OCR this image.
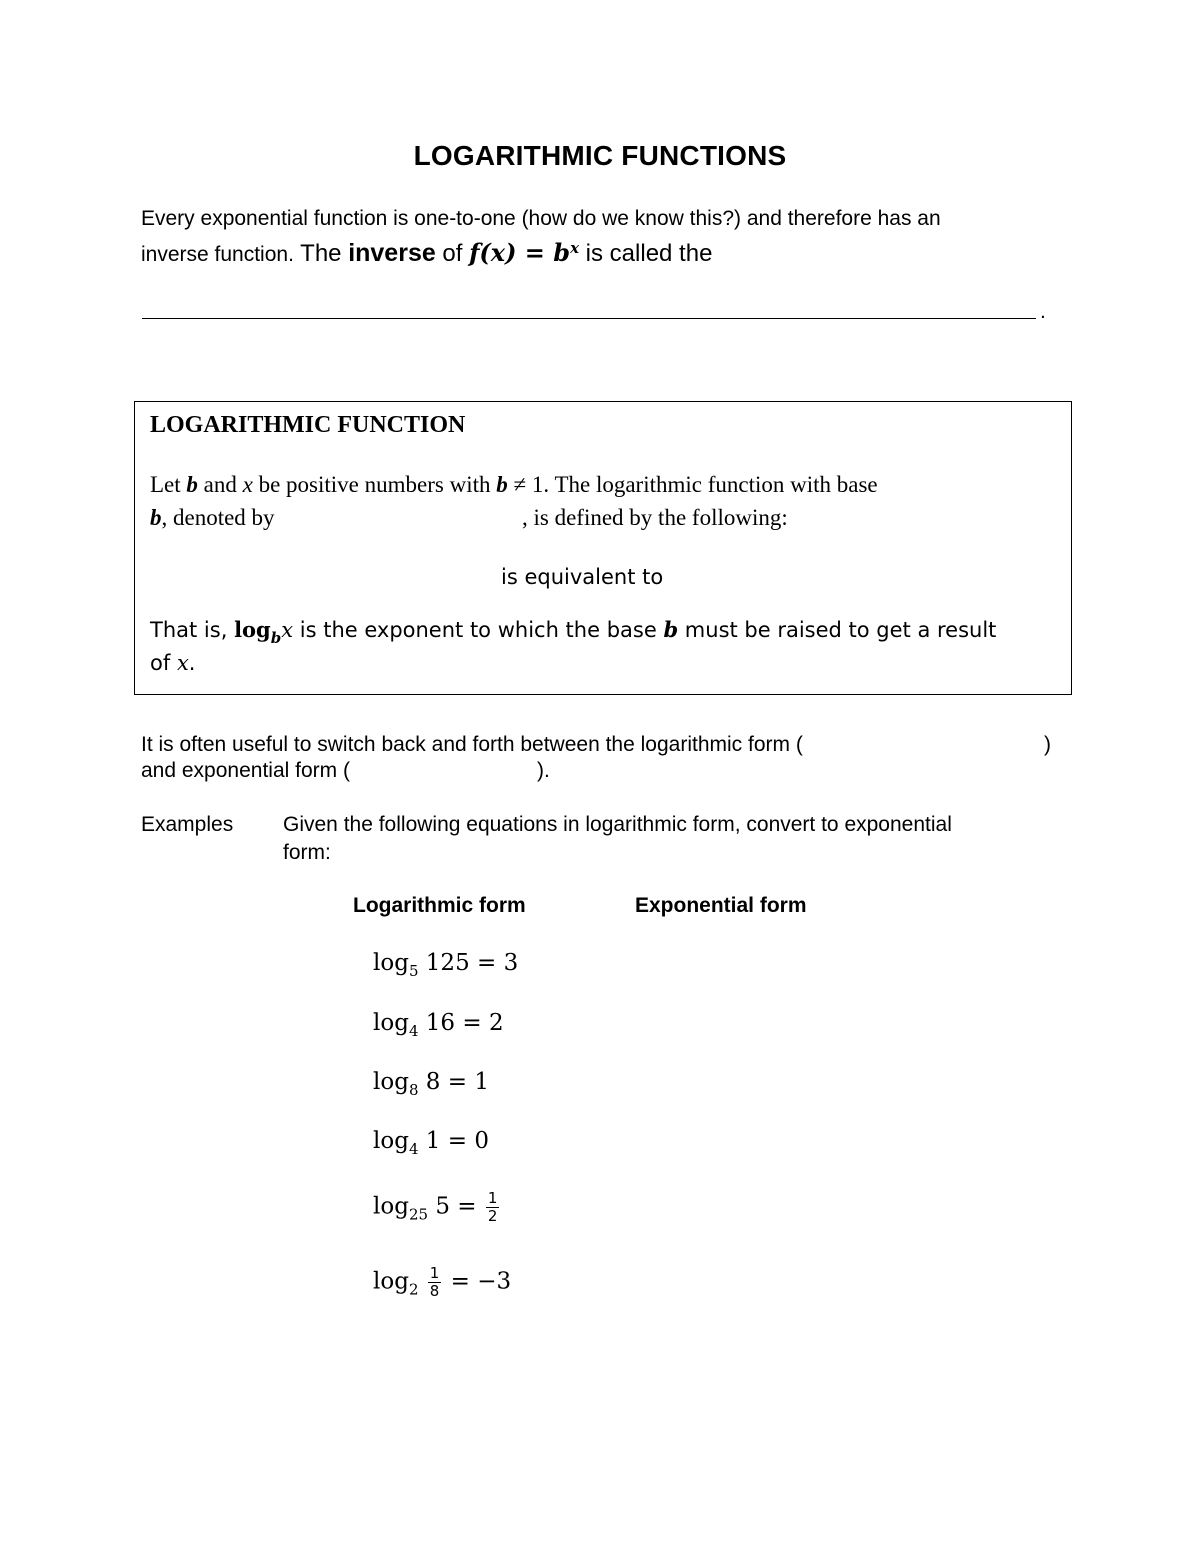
LOGARITHMIC FUNCTIONS
Every exponential function is one-to-one (how do we know this?) and therefore has an
inverse function. The inverse of $f(x) = b^x$ is called the
.
LOGARITHMIC FUNCTION
Let b and x be positive numbers with b ≠ 1. The logarithmic function with base
b, denoted by	, is defined by the following:
is equivalent to
That is, $\log_bx$ is the exponent to which the base b must be raised to get a result
of x.
It is often useful to switch back and forth between the logarithmic form (	)
and exponential form (	).
Examples Given the following equations in logarithmic form, convert to exponential
form:
Logarithmic form	Exponential form
$\log_5 125 = 3$
$\log_4 16 = 2$
$\log_8 8 = 1$
$\log_4 1 = 0$
$\log_{25} 5 = \frac{1}{2}$
$\log_2 \frac{1}{8} = -3$
